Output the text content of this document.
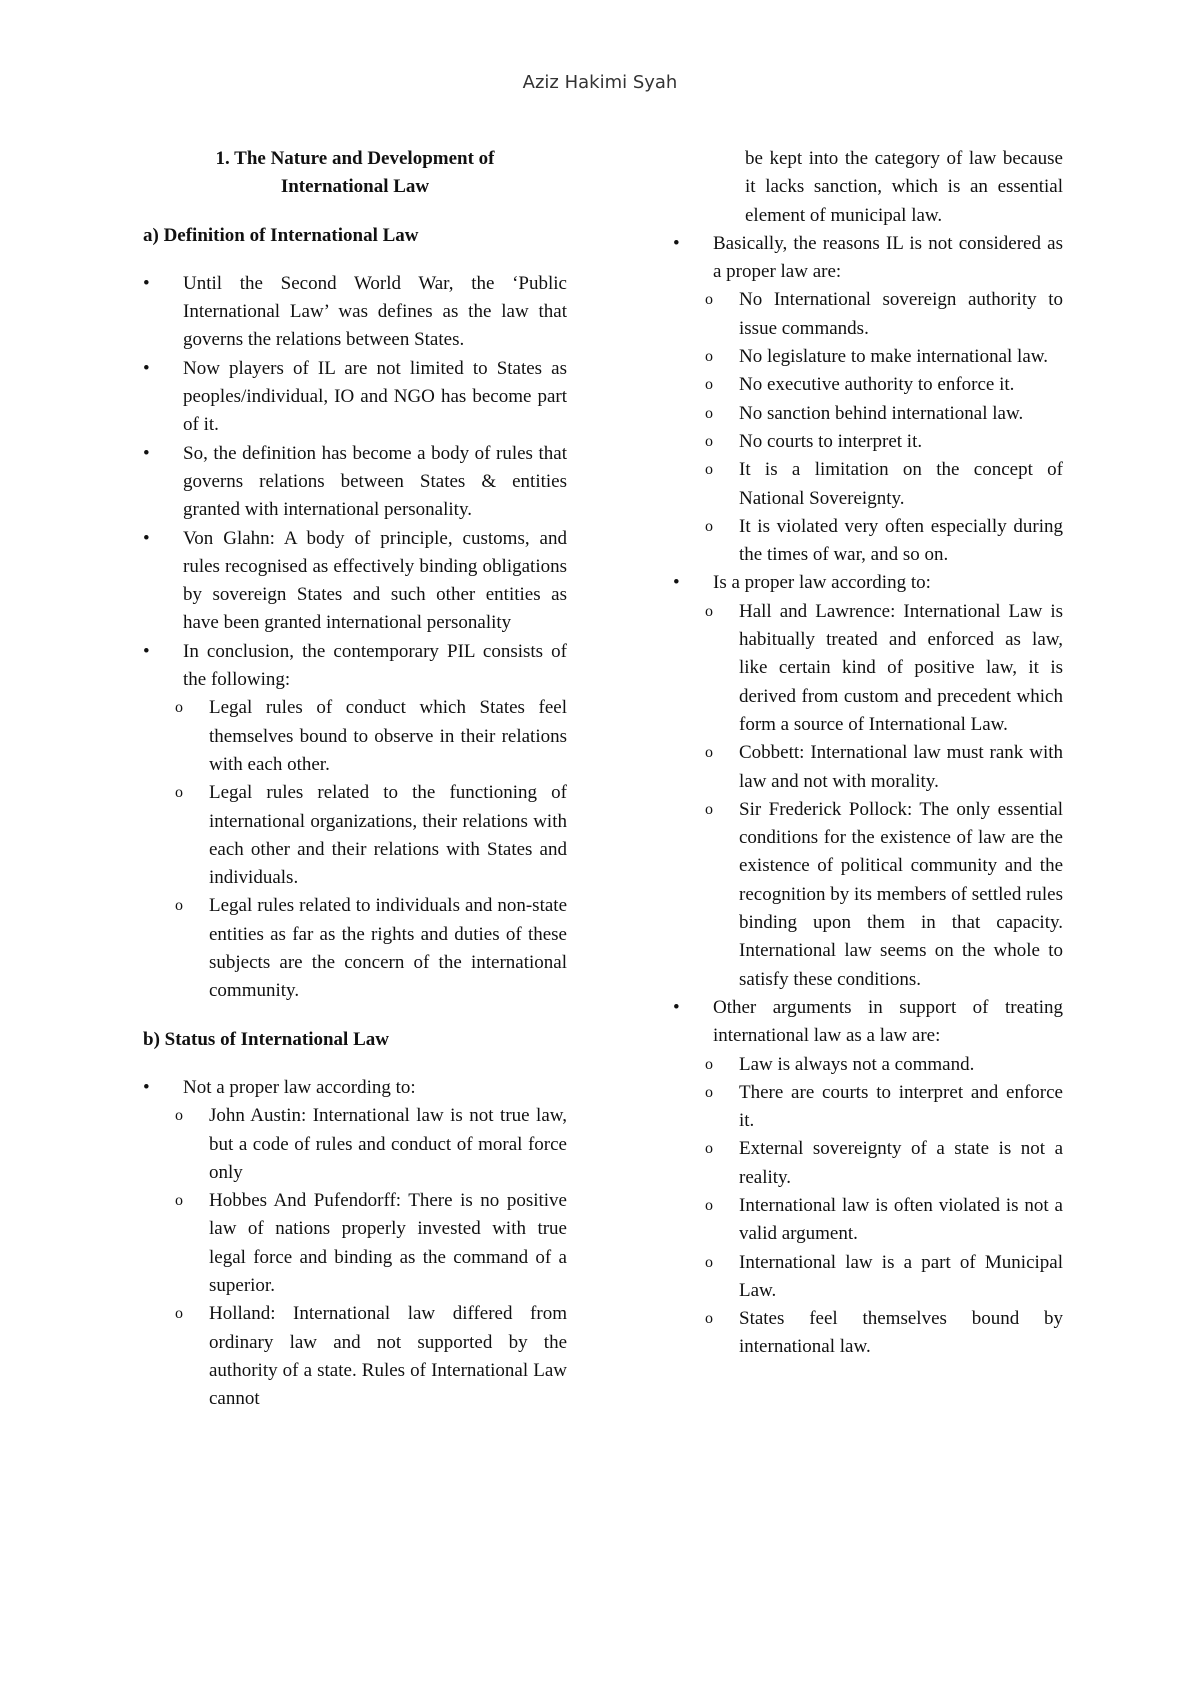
Aziz Hakimi Syah

1. The Nature and Development of

International Law

a) Definition of International Law

• Until the Second World War, the ‘Public International Law’ was defines as the law that governs the relations between States.
• Now players of IL are not limited to States as peoples/individual, IO and NGO has become part of it.
• So, the definition has become a body of rules that governs relations between States & entities granted with international personality.
• Von Glahn: A body of principle, customs, and rules recognised as effectively binding obligations by sovereign States and such other entities as have been granted international personality
• In conclusion, the contemporary PIL consists of the following:
o Legal rules of conduct which States feel themselves bound to observe in their relations with each other.
o Legal rules related to the functioning of international organizations, their relations with each other and their relations with States and individuals.
o Legal rules related to individuals and non-state entities as far as the rights and duties of these subjects are the concern of the international community.

b) Status of International Law

• Not a proper law according to:
o John Austin: International law is not true law, but a code of rules and conduct of moral force only
o Hobbes And Pufendorff: There is no positive law of nations properly invested with true legal force and binding as the command of a superior.
o Holland: International law differed from ordinary law and not supported by the authority of a state. Rules of International Law cannot

be kept into the category of law because it lacks sanction, which is an essential element of municipal law.

• Basically, the reasons IL is not considered as a proper law are:
o No International sovereign authority to issue commands.
o No legislature to make international law.
o No executive authority to enforce it.
o No sanction behind international law.
o No courts to interpret it.
o It is a limitation on the concept of National Sovereignty.
o It is violated very often especially during the times of war, and so on.
• Is a proper law according to:
o Hall and Lawrence: International Law is habitually treated and enforced as law, like certain kind of positive law, it is derived from custom and precedent which form a source of International Law.
o Cobbett: International law must rank with law and not with morality.
o Sir Frederick Pollock: The only essential conditions for the existence of law are the existence of political community and the recognition by its members of settled rules binding upon them in that capacity. International law seems on the whole to satisfy these conditions.
• Other arguments in support of treating international law as a law are:
o Law is always not a command.
o There are courts to interpret and enforce it.
o External sovereignty of a state is not a reality.
o International law is often violated is not a valid argument.
o International law is a part of Municipal Law.
o States feel themselves bound by international law.
